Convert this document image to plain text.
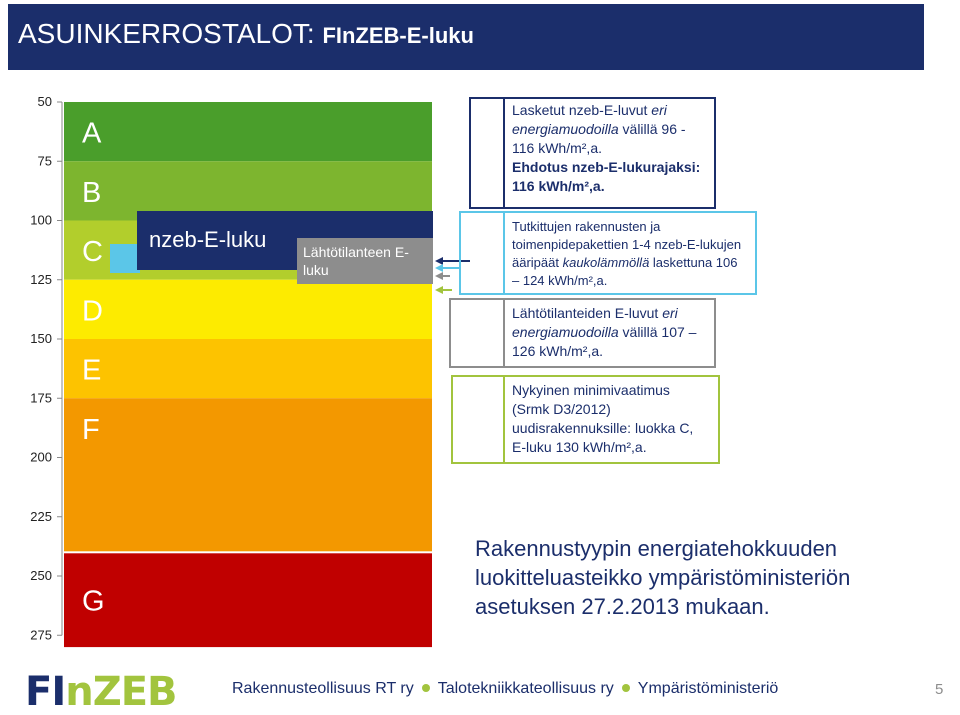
ASUINKERROSTALOT: FInZEB-E-luku
A
B
C
D
E
F
G
50
75
100
125
150
175
200
225
250
275
nzeb-E-luku	Lähtötilanteen E-luku
Lasketut nzeb-E-luvut eri energiamuodoilla välillä 96 - 116 kWh/m²,a.
Ehdotus nzeb-E-lukurajaksi: 116 kWh/m²,a.
Tutkittujen rakennusten ja toimenpidepakettien 1-4 nzeb-E-lukujen ääripäät kaukolämmöllä laskettuna 106 – 124 kWh/m²,a.
Lähtötilanteiden E-luvut eri energiamuodoilla välillä 107 – 126 kWh/m²,a.
Nykyinen minimivaatimus (Srmk D3/2012) uudisrakennuksille: luokka C, E-luku 130 kWh/m²,a.
Rakennustyypin energiatehokkuuden luokitteluasteikko ympäristöministeriön asetuksen 27.2.2013 mukaan.
FInZEB	Rakennusteollisuus RT ry Talotekniikkateollisuus ry Ympäristöministeriö	5
